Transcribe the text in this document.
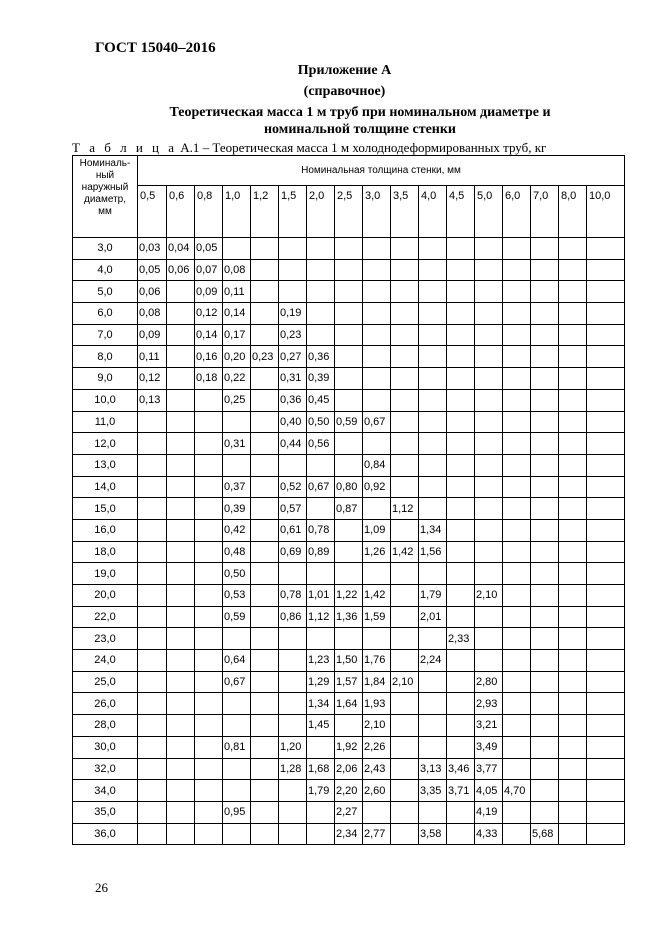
ГОСТ 15040–2016
Приложение А
(справочное)
Теоретическая масса 1 м труб при номинальном диаметре и
номинальной толщине стенки
Т а б л и ц а А.1 – Теоретическая масса 1 м холоднодеформированных труб, кг
Номиналь-
ный
наружный
диаметр,
мм	Номинальная толщина стенки, мм																
	0,5	0,6	0,8	1,0	1,2	1,5	2,0	2,5	3,0	3,5	4,0	4,5	5,0	6,0	7,0	8,0	10,0
3,0	0,03	0,04	0,05														
4,0	0,05	0,06	0,07	0,08													
5,0	0,06		0,09	0,11													
6,0	0,08		0,12	0,14		0,19											
7,0	0,09		0,14	0,17		0,23											
8,0	0,11		0,16	0,20	0,23	0,27	0,36										
9,0	0,12		0,18	0,22		0,31	0,39										
10,0	0,13			0,25		0,36	0,45										
11,0						0,40	0,50	0,59	0,67								
12,0				0,31		0,44	0,56										
13,0									0,84								
14,0				0,37		0,52	0,67	0,80	0,92								
15,0				0,39		0,57		0,87		1,12							
16,0				0,42		0,61	0,78		1,09		1,34						
18,0				0,48		0,69	0,89		1,26	1,42	1,56						
19,0				0,50													
20,0				0,53		0,78	1,01	1,22	1,42		1,79		2,10				
22,0				0,59		0,86	1,12	1,36	1,59		2,01						
23,0												2,33					
24,0				0,64			1,23	1,50	1,76		2,24						
25,0				0,67			1,29	1,57	1,84	2,10			2,80				
26,0							1,34	1,64	1,93				2,93				
28,0							1,45		2,10				3,21				
30,0				0,81		1,20		1,92	2,26				3,49				
32,0						1,28	1,68	2,06	2,43		3,13	3,46	3,77				
34,0							1,79	2,20	2,60		3,35	3,71	4,05	4,70			
35,0				0,95				2,27					4,19				
36,0								2,34	2,77		3,58		4,33		5,68		
26
